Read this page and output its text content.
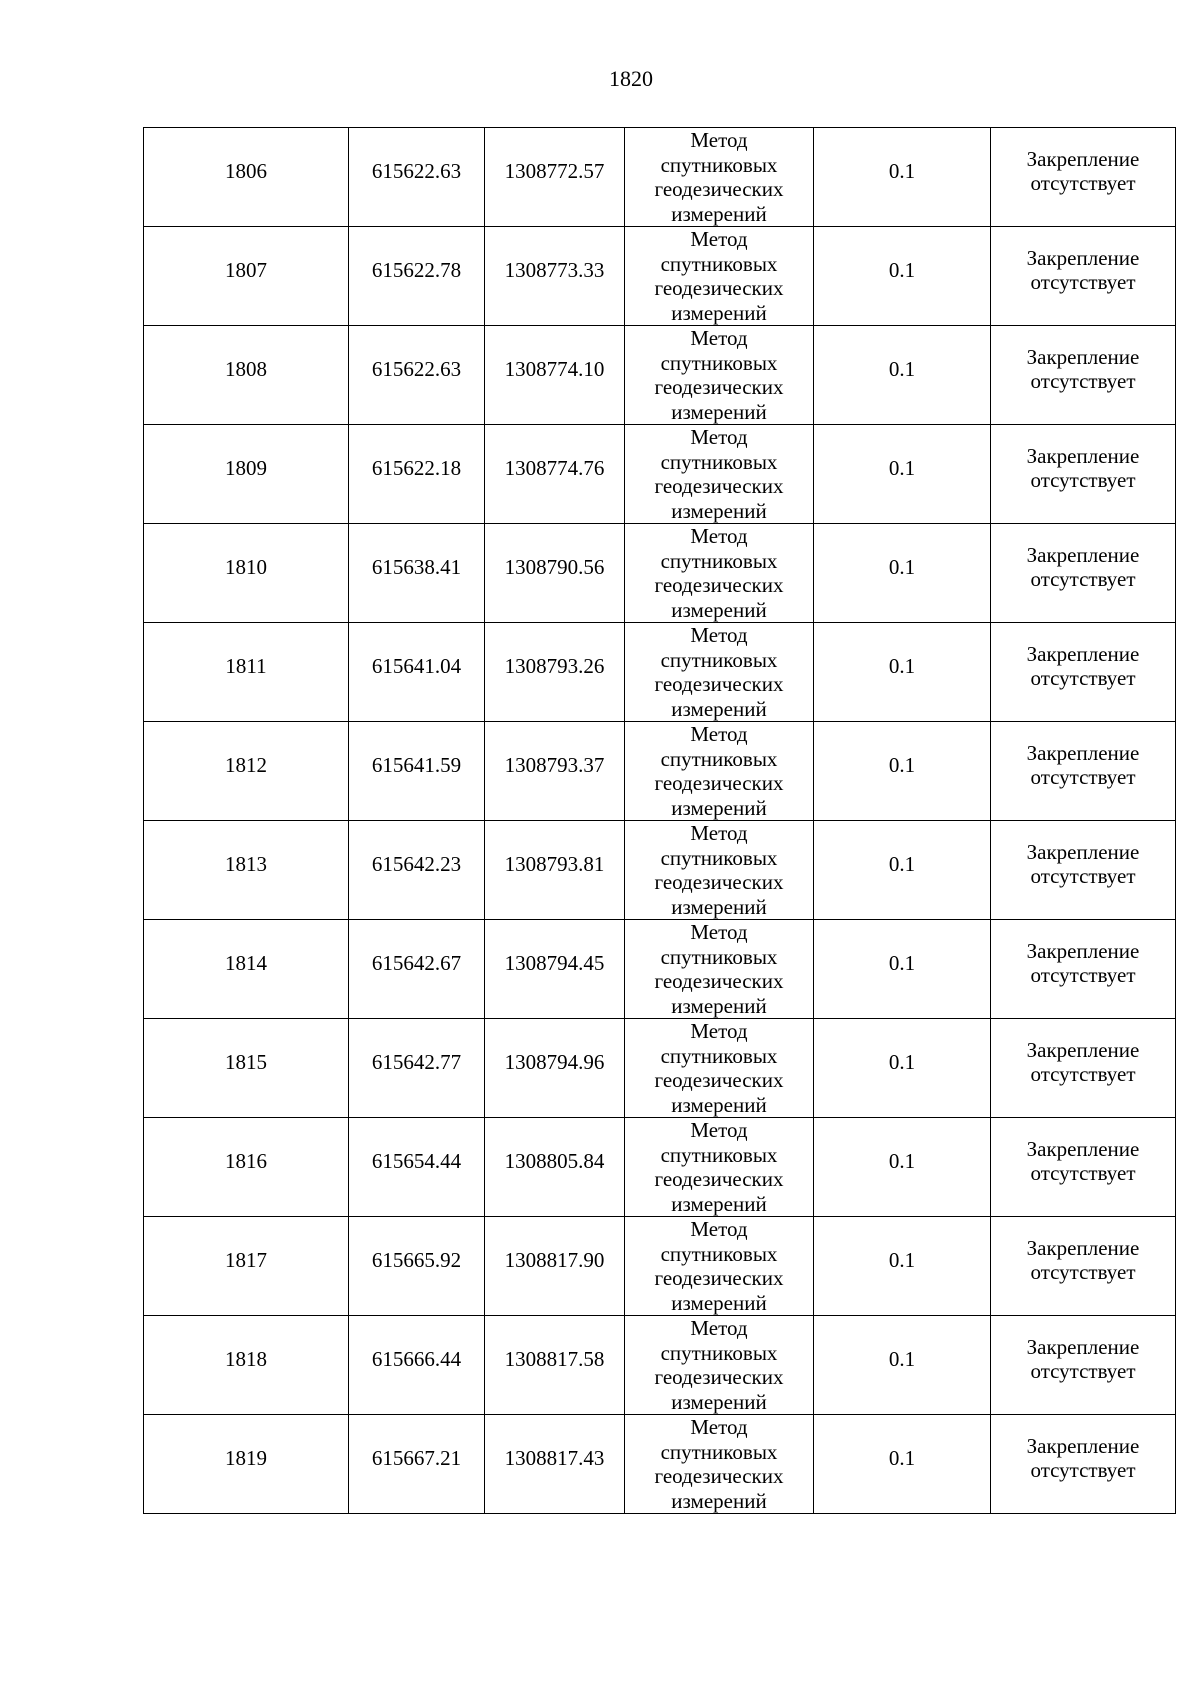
1820
1806	615622.63	1308772.57	Метод
спутниковых
геодезических
измерений	0.1	Закрепление
отсутствует

1807	615622.78	1308773.33	Метод
спутниковых
геодезических
измерений	0.1	Закрепление
отсутствует

1808	615622.63	1308774.10	Метод
спутниковых
геодезических
измерений	0.1	Закрепление
отсутствует

1809	615622.18	1308774.76	Метод
спутниковых
геодезических
измерений	0.1	Закрепление
отсутствует

1810	615638.41	1308790.56	Метод
спутниковых
геодезических
измерений	0.1	Закрепление
отсутствует

1811	615641.04	1308793.26	Метод
спутниковых
геодезических
измерений	0.1	Закрепление
отсутствует

1812	615641.59	1308793.37	Метод
спутниковых
геодезических
измерений	0.1	Закрепление
отсутствует

1813	615642.23	1308793.81	Метод
спутниковых
геодезических
измерений	0.1	Закрепление
отсутствует

1814	615642.67	1308794.45	Метод
спутниковых
геодезических
измерений	0.1	Закрепление
отсутствует

1815	615642.77	1308794.96	Метод
спутниковых
геодезических
измерений	0.1	Закрепление
отсутствует

1816	615654.44	1308805.84	Метод
спутниковых
геодезических
измерений	0.1	Закрепление
отсутствует

1817	615665.92	1308817.90	Метод
спутниковых
геодезических
измерений	0.1	Закрепление
отсутствует

1818	615666.44	1308817.58	Метод
спутниковых
геодезических
измерений	0.1	Закрепление
отсутствует

1819	615667.21	1308817.43	Метод
спутниковых
геодезических
измерений	0.1	Закрепление
отсутствует
